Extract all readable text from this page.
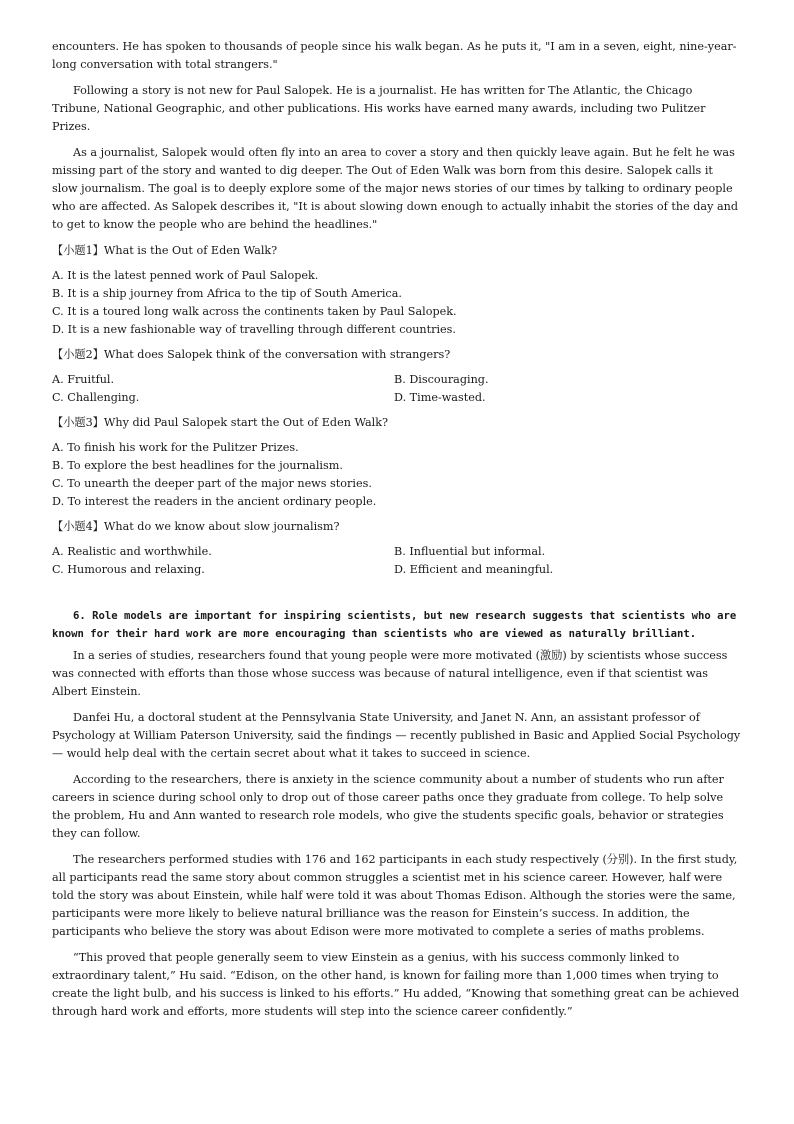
encounters. He has spoken to thousands of people since his walk began. As he puts it, "I am in a seven, eight, nine-year-long conversation with total strangers."

Following a story is not new for Paul Salopek. He is a journalist. He has written for The Atlantic, the Chicago Tribune, National Geographic, and other publications. His works have earned many awards, including two Pulitzer Prizes.

As a journalist, Salopek would often fly into an area to cover a story and then quickly leave again. But he felt he was missing part of the story and wanted to dig deeper. The Out of Eden Walk was born from this desire. Salopek calls it slow journalism. The goal is to deeply explore some of the major news stories of our times by talking to ordinary people who are affected. As Salopek describes it, "It is about slowing down enough to actually inhabit the stories of the day and to get to know the people who are behind the headlines."

【小题1】What is the Out of Eden Walk?

A. It is the latest penned work of Paul Salopek.
B. It is a ship journey from Africa to the tip of South America.
C. It is a toured long walk across the continents taken by Paul Salopek.
D. It is a new fashionable way of travelling through different countries.

【小题2】What does Salopek think of the conversation with strangers?

A. Fruitful.	B. Discouraging.
C. Challenging.	D. Time-wasted.

【小题3】Why did Paul Salopek start the Out of Eden Walk?

A. To finish his work for the Pulitzer Prizes.
B. To explore the best headlines for the journalism.
C. To unearth the deeper part of the major news stories.
D. To interest the readers in the ancient ordinary people.

【小题4】What do we know about slow journalism?

A. Realistic and worthwhile.	B. Influential but informal.
C. Humorous and relaxing.	D. Efficient and meaningful.

6. Role models are important for inspiring scientists, but new research suggests that scientists who are known for their hard work are more encouraging than scientists who are viewed as naturally brilliant.

In a series of studies, researchers found that young people were more motivated (激励) by scientists whose success was connected with efforts than those whose success was because of natural intelligence, even if that scientist was Albert Einstein.

Danfei Hu, a doctoral student at the Pennsylvania State University, and Janet N. Ann, an assistant professor of Psychology at William Paterson University, said the findings — recently published in Basic and Applied Social Psychology — would help deal with the certain secret about what it takes to succeed in science.

According to the researchers, there is anxiety in the science community about a number of students who run after careers in science during school only to drop out of those career paths once they graduate from college. To help solve the problem, Hu and Ann wanted to research role models, who give the students specific goals, behavior or strategies they can follow.

The researchers performed studies with 176 and 162 participants in each study respectively (分别). In the first study, all participants read the same story about common struggles a scientist met in his science career. However, half were told the story was about Einstein, while half were told it was about Thomas Edison. Although the stories were the same, participants were more likely to believe natural brilliance was the reason for Einstein’s success. In addition, the participants who believe the story was about Edison were more motivated to complete a series of maths problems.

“This proved that people generally seem to view Einstein as a genius, with his success commonly linked to extraordinary talent,” Hu said. “Edison, on the other hand, is known for failing more than 1,000 times when trying to create the light bulb, and his success is linked to his efforts.” Hu added, “Knowing that something great can be achieved through hard work and efforts, more students will step into the science career confidently.”
